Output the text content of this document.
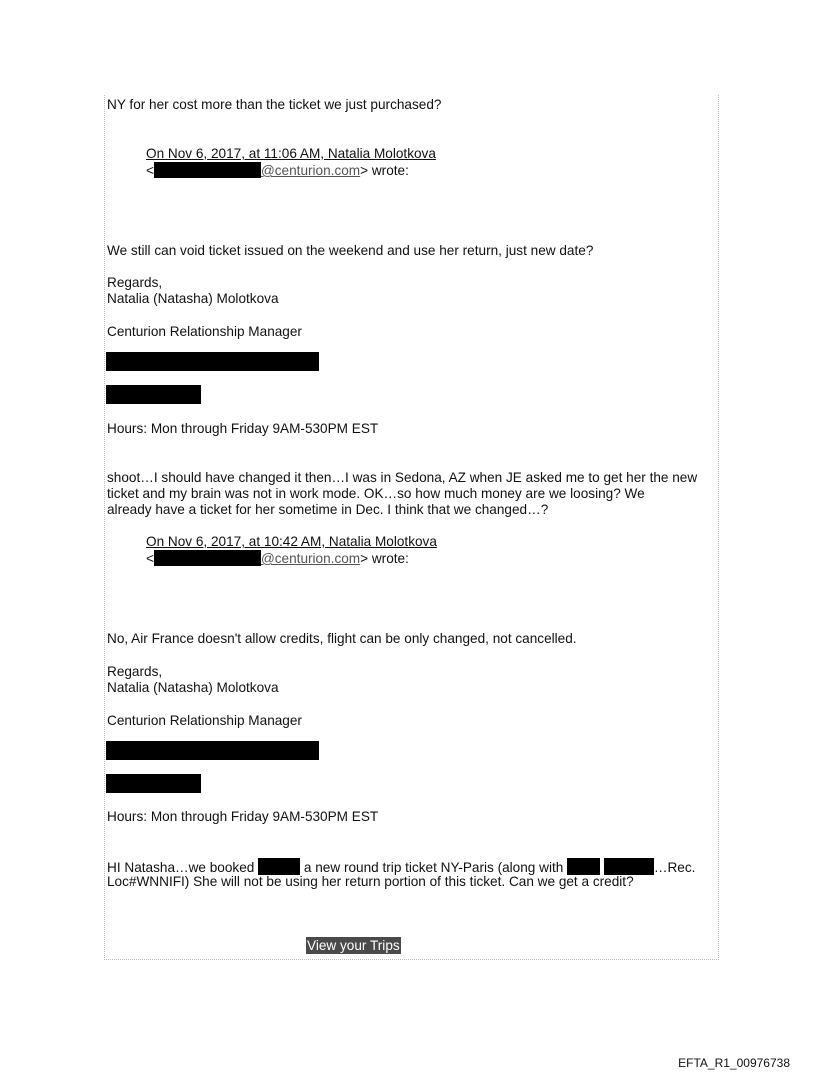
NY for her cost more than the ticket we just purchased?
On Nov 6, 2017, at 11:06 AM, Natalia Molotkova
<	@centurion.com> wrote:
We still can void ticket issued on the weekend and use her return, just new date?
Regards,
Natalia (Natasha) Molotkova
Centurion Relationship Manager
Hours: Mon through Friday 9AM-530PM EST
shoot…I should have changed it then…I was in Sedona, AZ when JE asked me to get her the new
ticket and my brain was not in work mode. OK…so how much money are we loosing? We
already have a ticket for her sometime in Dec. I think that we changed…?
On Nov 6, 2017, at 10:42 AM, Natalia Molotkova
<	@centurion.com> wrote:
No, Air France doesn't allow credits, flight can be only changed, not cancelled.
Regards,
Natalia (Natasha) Molotkova
Centurion Relationship Manager
Hours: Mon through Friday 9AM-530PM EST
HI Natasha…we booked	a new round trip ticket NY-Paris (along with	…Rec.
Loc#WNNIFI) She will not be using her return portion of this ticket. Can we get a credit?
View your Trips
EFTA_R1_00976738
